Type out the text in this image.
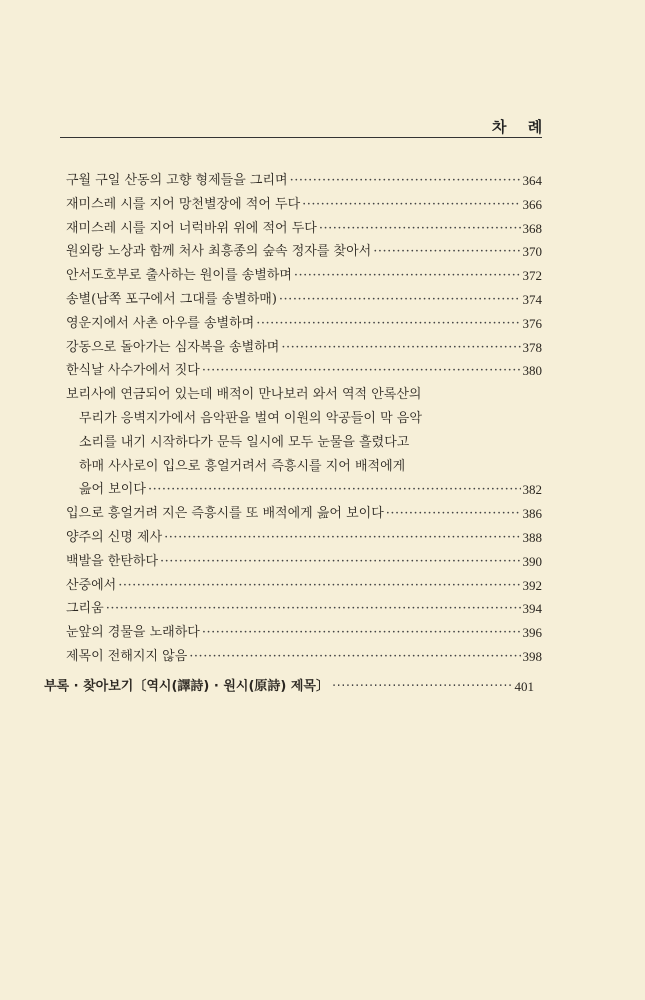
차 례
구월 구일 산동의 고향 형제들을 그리며 ·····	364
재미스레 시를 지어 망천별장에 적어 두다 ·····	366
재미스레 시를 지어 너럭바위 위에 적어 두다 ·····	368
원외랑 노상과 함께 처사 최흥종의 숲속 정자를 찾아서 ·····	370
안서도호부로 출사하는 원이를 송별하며 ·····	372
송별(남쪽 포구에서 그대를 송별하매) ·····	374
영운지에서 사촌 아우를 송별하며 ·····	376
강동으로 돌아가는 심자복을 송별하며 ·····	378
한식날 사수가에서 짓다 ·····	380
보리사에 연금되어 있는데 배적이 만나보러 와서 역적 안록산의
무리가 응벽지가에서 음악판을 벌여 이원의 악공들이 막 음악
소리를 내기 시작하다가 문득 일시에 모두 눈물을 흘렸다고
하매 사사로이 입으로 흥얼거려서 즉흥시를 지어 배적에게
읊어 보이다 ·····	382
입으로 흥얼거려 지은 즉흥시를 또 배적에게 읊어 보이다 ·····	386
양주의 신명 제사 ·····	388
백발을 한탄하다 ·····	390
산중에서 ·····	392
그리움 ·····	394
눈앞의 경물을 노래하다 ·····	396
제목이 전해지지 않음 ·····	398
부록 · 찾아보기〔역시(譯詩) · 원시(原詩) 제목〕 ·····	401
